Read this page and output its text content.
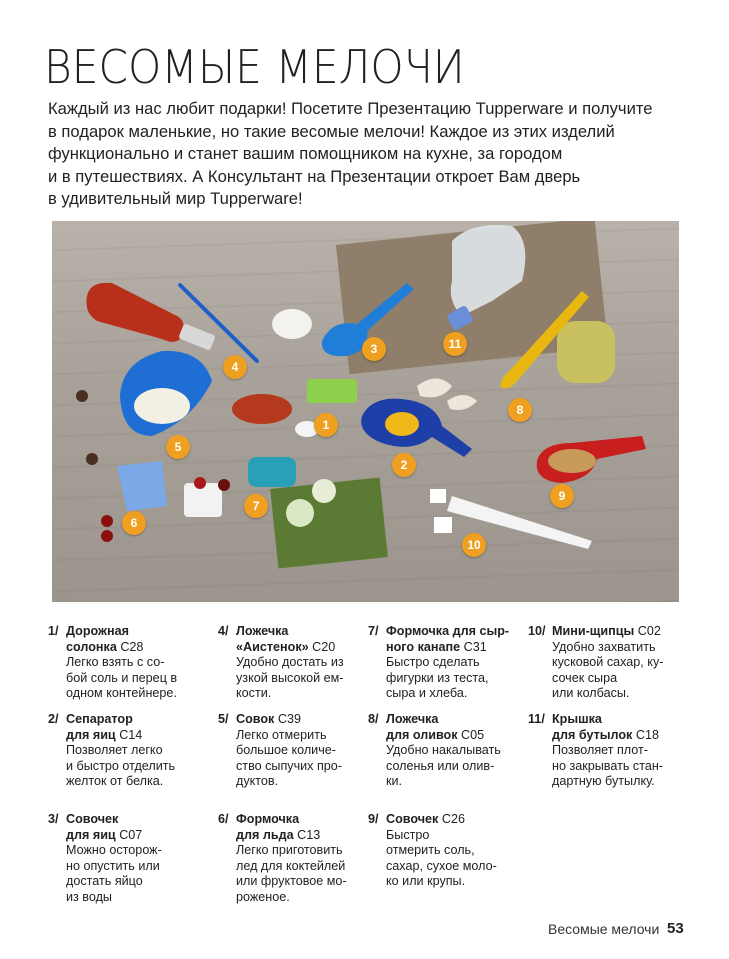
ВЕСОМЫЕ МЕЛОЧИ
Каждый из нас любит подарки! Посетите Презентацию Tupperware и получите
в подарок маленькие, но такие весомые мелочи! Каждое из этих изделий
функционально и станет вашим помощником на кухне, за городом
и в путешествиях. А Консультант на Презентации откроет Вам дверь
в удивительный мир Tupperware!
1
2
3
4
5
6
7
8
9
10
11
1/ Дорожная
солонка C28
Легко взять с со-
бой соль и перец в
одном контейнере.
2/ Сепаратор
для яиц C14
Позволяет легко
и быстро отделить
желток от белка.
3/ Совочек
для яиц C07
Можно осторож-
но опустить или
достать яйцо
из воды
4/ Ложечка
«Аистенок» C20
Удобно достать из
узкой высокой ем-
кости.
5/ Совок C39
Легко отмерить
большое количе-
ство сыпучих про-
дуктов.
6/ Формочка
для льда C13
Легко приготовить
лед для коктейлей
или фруктовое мо-
роженое.
7/ Формочка для сыр-
ного канапе C31
Быстро сделать
фигурки из теста,
сыра и хлеба.
8/ Ложечка
для оливок C05
Удобно накалывать
соленья или олив-
ки.
9/ Совочек C26
Быстро
отмерить соль,
сахар, сухое моло-
ко или крупы.
10/ Мини-щипцы C02
Удобно захватить
кусковой сахар, ку-
сочек сыра
или колбасы.
11/ Крышка
для бутылок C18
Позволяет плот-
но закрывать стан-
дартную бутылку.
Весомые мелочи 53
